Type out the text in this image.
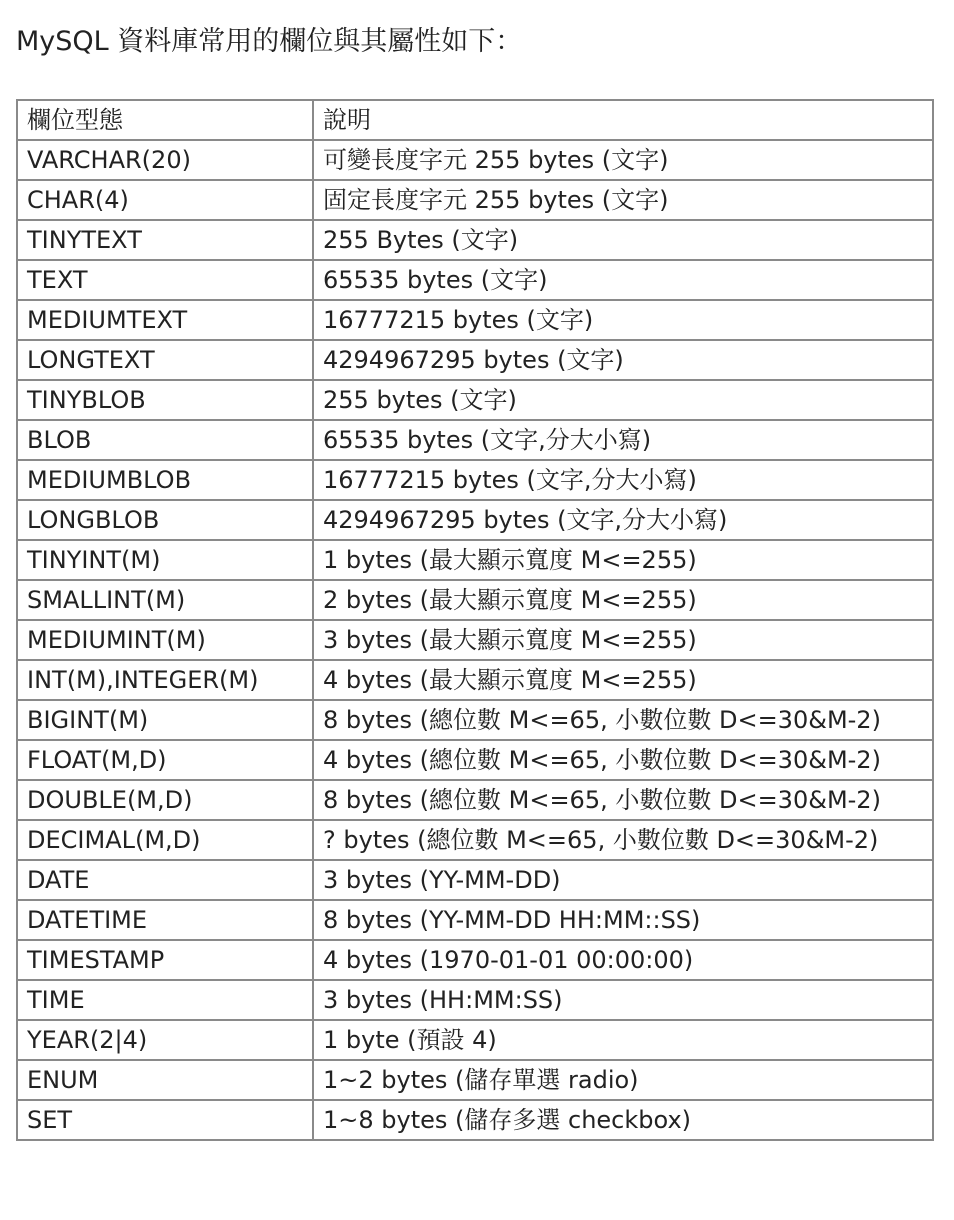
MySQL 資料庫常用的欄位與其屬性如下：

欄位型態	說明
VARCHAR(20)	可變長度字元 255 bytes (文字)
CHAR(4)	固定長度字元 255 bytes (文字)
TINYTEXT	255 Bytes (文字)
TEXT	65535 bytes (文字)
MEDIUMTEXT	16777215 bytes (文字)
LONGTEXT	4294967295 bytes (文字)
TINYBLOB	255 bytes (文字)
BLOB	65535 bytes (文字,分大小寫)
MEDIUMBLOB	16777215 bytes (文字,分大小寫)
LONGBLOB	4294967295 bytes (文字,分大小寫)
TINYINT(M)	1 bytes (最大顯示寬度 M<=255)
SMALLINT(M)	2 bytes (最大顯示寬度 M<=255)
MEDIUMINT(M)	3 bytes (最大顯示寬度 M<=255)
INT(M),INTEGER(M)	4 bytes (最大顯示寬度 M<=255)
BIGINT(M)	8 bytes (總位數 M<=65, 小數位數 D<=30&M-2)
FLOAT(M,D)	4 bytes (總位數 M<=65, 小數位數 D<=30&M-2)
DOUBLE(M,D)	8 bytes (總位數 M<=65, 小數位數 D<=30&M-2)
DECIMAL(M,D)	? bytes (總位數 M<=65, 小數位數 D<=30&M-2)
DATE	3 bytes (YY-MM-DD)
DATETIME	8 bytes (YY-MM-DD HH:MM::SS)
TIMESTAMP	4 bytes (1970-01-01 00:00:00)
TIME	3 bytes (HH:MM:SS)
YEAR(2|4)	1 byte (預設 4)
ENUM	1~2 bytes (儲存單選 radio)
SET	1~8 bytes (儲存多選 checkbox)
